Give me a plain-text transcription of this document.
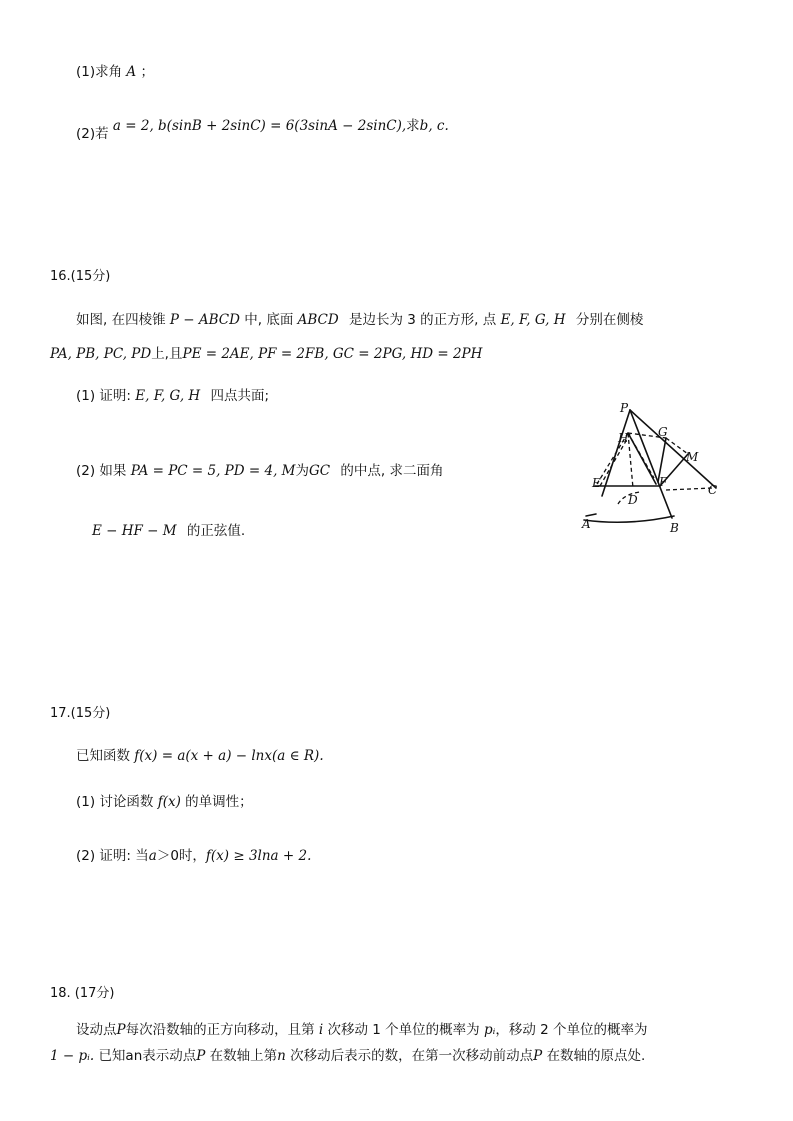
(1)求角 A ；
(2)若 a = 2, b(sinB + 2sinC) = 6(3sinA − 2sinC),求b, c.
16.(15分)
如图, 在四棱锥 P − ABCD 中, 底面 ABCD 是边长为 3 的正方形, 点 E, F, G, H 分别在侧棱
PA, PB, PC, PD上,且PE = 2AE, PF = 2FB, GC = 2PG, HD = 2PH
(1) 证明: E, F, G, H 四点共面;
(2) 如果 PA = PC = 5, PD = 4, M为GC 的中点, 求二面角
E − HF − M 的正弦值.
P
H G
M
E	F
C
D
A	B
17.(15分)
已知函数 f(x) = a(x + a) − lnx(a ∈ R).
(1) 讨论函数 f(x) 的单调性；
(2) 证明: 当a＞0时，f(x) ≥ 3lna + 2.
18. (17分)
设动点P每次沿数轴的正方向移动，且第 i 次移动 1 个单位的概率为 pᵢ，移动 2 个单位的概率为
1 − pᵢ. 已知an表示动点P 在数轴上第n 次移动后表示的数，在第一次移动前动点P 在数轴的原点处.
